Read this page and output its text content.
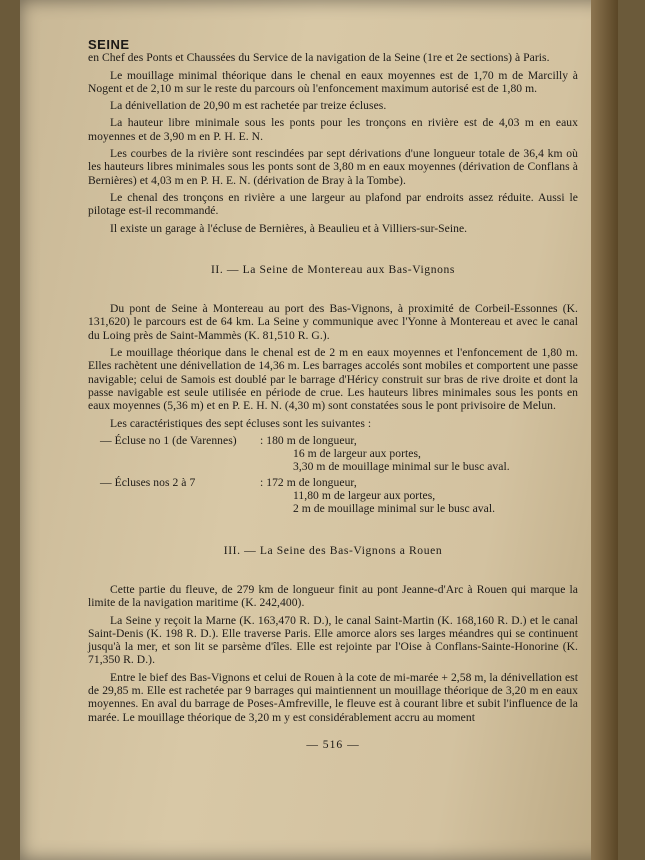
SEINE

en Chef des Ponts et Chaussées du Service de la navigation de la Seine (1re et 2e sections) à Paris.

Le mouillage minimal théorique dans le chenal en eaux moyennes est de 1,70 m de Marcilly à Nogent et de 2,10 m sur le reste du parcours où l'enfoncement maximum autorisé est de 1,80 m.

La dénivellation de 20,90 m est rachetée par treize écluses.

La hauteur libre minimale sous les ponts pour les tronçons en rivière est de 4,03 m en eaux moyennes et de 3,90 m en P. H. E. N.

Les courbes de la rivière sont rescindées par sept dérivations d'une longueur totale de 36,4 km où les hauteurs libres minimales sous les ponts sont de 3,80 m en eaux moyennes (dérivation de Conflans à Bernières) et 4,03 m en P. H. E. N. (dérivation de Bray à la Tombe).

Le chenal des tronçons en rivière a une largeur au plafond par endroits assez réduite. Aussi le pilotage est-il recommandé.

Il existe un garage à l'écluse de Bernières, à Beaulieu et à Villiers-sur-Seine.

II. — La Seine de Montereau aux Bas-Vignons

Du pont de Seine à Montereau au port des Bas-Vignons, à proximité de Corbeil-Essonnes (K. 131,620) le parcours est de 64 km. La Seine y communique avec l'Yonne à Montereau et avec le canal du Loing près de Saint-Mammès (K. 81,510 R. G.).

Le mouillage théorique dans le chenal est de 2 m en eaux moyennes et l'enfoncement de 1,80 m. Elles rachètent une dénivellation de 14,36 m. Les barrages accolés sont mobiles et comportent une passe navigable; celui de Samois est doublé par le barrage d'Héricy construit sur bras de rive droite et dont la passe navigable est seule utilisée en période de crue. Les hauteurs libres minimales sous les ponts en eaux moyennes (5,36 m) et en P. E. H. N. (4,30 m) sont constatées sous le pont privisoire de Melun.

Les caractéristiques des sept écluses sont les suivantes :

— Écluse no 1 (de Varennes)	: 180 m de longueur,
16 m de largeur aux portes,
3,30 m de mouillage minimal sur le busc aval.
— Écluses nos 2 à 7	: 172 m de longueur,
11,80 m de largeur aux portes,
2 m de mouillage minimal sur le busc aval.
III. — La Seine des Bas-Vignons a Rouen

Cette partie du fleuve, de 279 km de longueur finit au pont Jeanne-d'Arc à Rouen qui marque la limite de la navigation maritime (K. 242,400).

La Seine y reçoit la Marne (K. 163,470 R. D.), le canal Saint-Martin (K. 168,160 R. D.) et le canal Saint-Denis (K. 198 R. D.). Elle traverse Paris. Elle amorce alors ses larges méandres qui se continuent jusqu'à la mer, et son lit se parsème d'îles. Elle est rejointe par l'Oise à Conflans-Sainte-Honorine (K. 71,350 R. D.).

Entre le bief des Bas-Vignons et celui de Rouen à la cote de mi-marée + 2,58 m, la dénivellation est de 29,85 m. Elle est rachetée par 9 barrages qui maintiennent un mouillage théorique de 3,20 m en eaux moyennes. En aval du barrage de Poses-Amfreville, le fleuve est à courant libre et subit l'influence de la marée. Le mouillage théorique de 3,20 m y est considérablement accru au moment

— 516 —
